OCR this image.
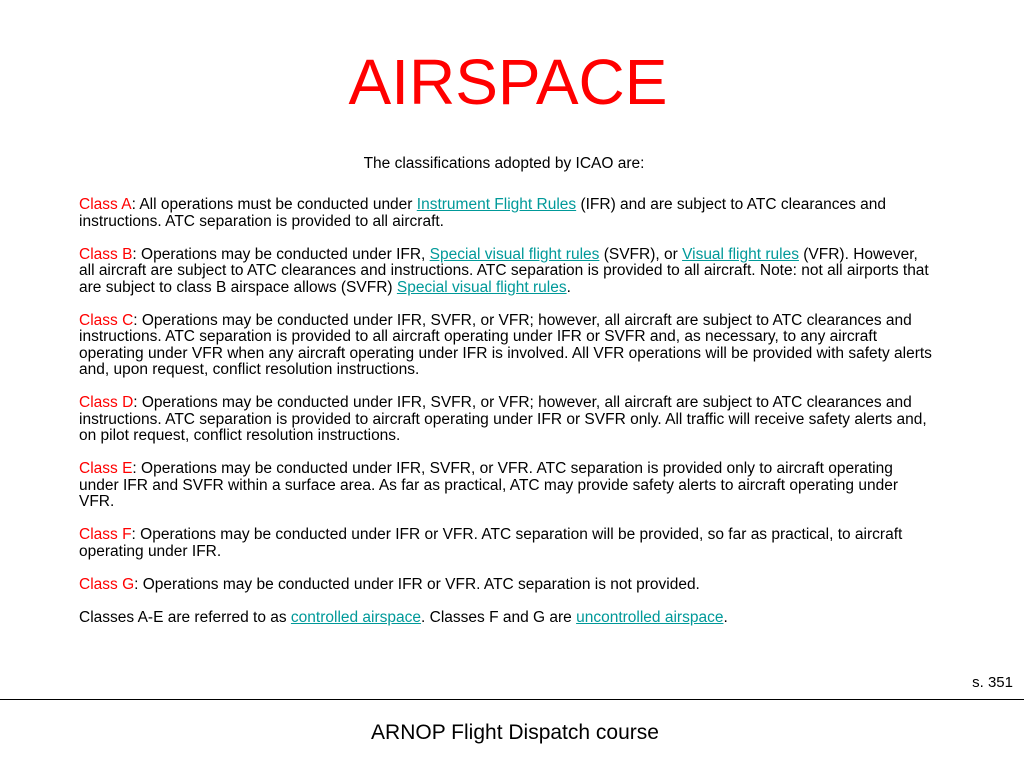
AIRSPACE
The classifications adopted by ICAO are:

Class A: All operations must be conducted under Instrument Flight Rules (IFR) and are subject to ATC clearances and instructions. ATC separation is provided to all aircraft.

Class B: Operations may be conducted under IFR, Special visual flight rules (SVFR), or Visual flight rules (VFR). However, all aircraft are subject to ATC clearances and instructions. ATC separation is provided to all aircraft. Note: not all airports that are subject to class B airspace allows (SVFR) Special visual flight rules.

Class C: Operations may be conducted under IFR, SVFR, or VFR; however, all aircraft are subject to ATC clearances and instructions. ATC separation is provided to all aircraft operating under IFR or SVFR and, as necessary, to any aircraft operating under VFR when any aircraft operating under IFR is involved. All VFR operations will be provided with safety alerts and, upon request, conflict resolution instructions.

Class D: Operations may be conducted under IFR, SVFR, or VFR; however, all aircraft are subject to ATC clearances and instructions. ATC separation is provided to aircraft operating under IFR or SVFR only. All traffic will receive safety alerts and, on pilot request, conflict resolution instructions.

Class E: Operations may be conducted under IFR, SVFR, or VFR. ATC separation is provided only to aircraft operating under IFR and SVFR within a surface area. As far as practical, ATC may provide safety alerts to aircraft operating under VFR.

Class F: Operations may be conducted under IFR or VFR. ATC separation will be provided, so far as practical, to aircraft operating under IFR.

Class G: Operations may be conducted under IFR or VFR. ATC separation is not provided.

Classes A-E are referred to as controlled airspace. Classes F and G are uncontrolled airspace.

s. 351
ARNOP Flight Dispatch course
